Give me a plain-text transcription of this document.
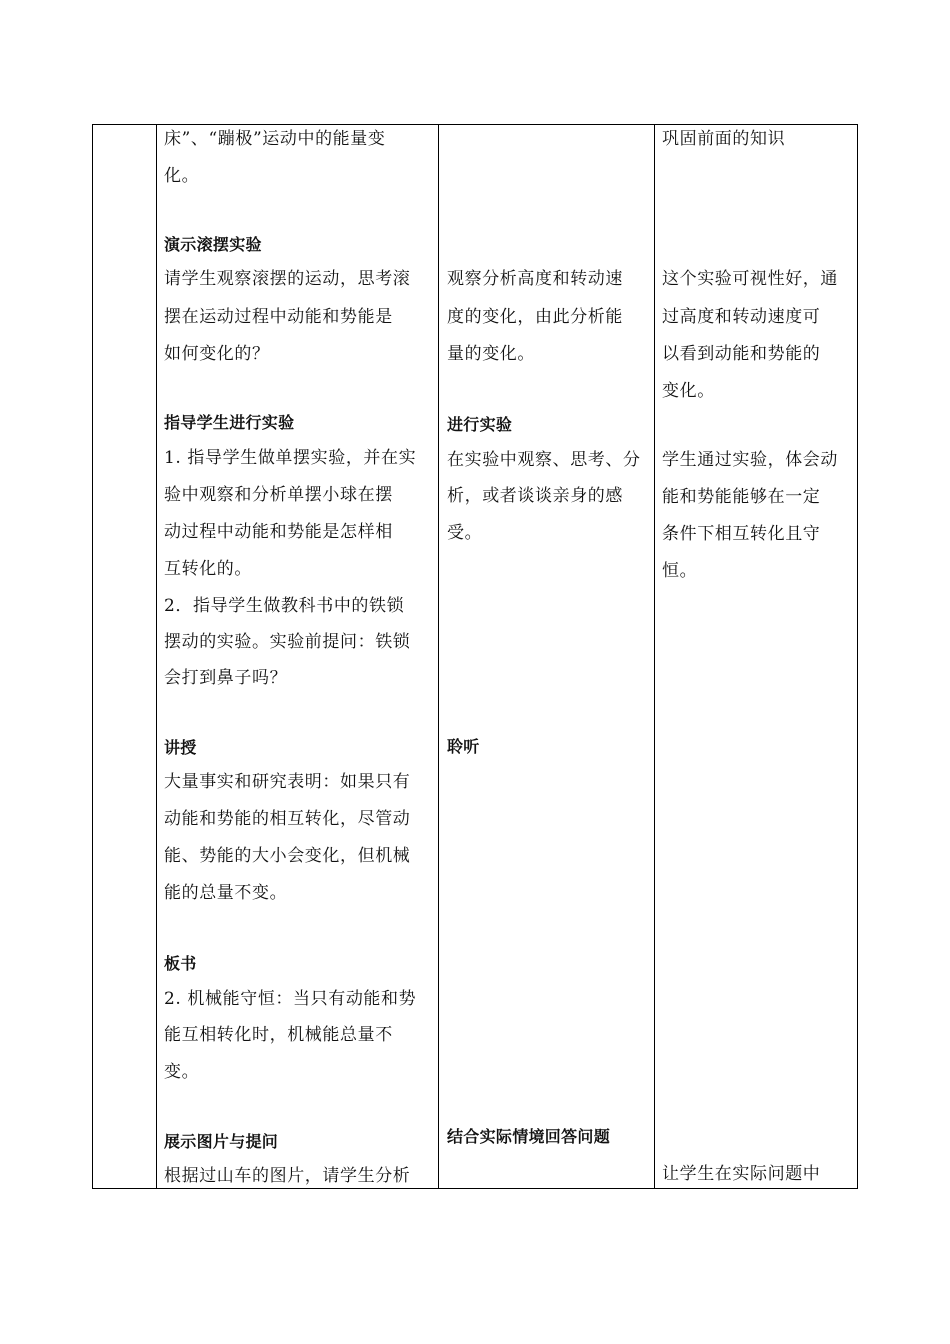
床”、“蹦极”运动中的能量变
化。
演示滚摆实验
请学生观察滚摆的运动，思考滚
摆在运动过程中动能和势能是
如何变化的？
指导学生进行实验
1. 指导学生做单摆实验，并在实
验中观察和分析单摆小球在摆
动过程中动能和势能是怎样相
互转化的。
2．指导学生做教科书中的铁锁
摆动的实验。实验前提问：铁锁
会打到鼻子吗？
讲授
大量事实和研究表明：如果只有
动能和势能的相互转化，尽管动
能、势能的大小会变化，但机械
能的总量不变。
板书
2. 机械能守恒：当只有动能和势
能互相转化时，机械能总量不
变。
展示图片与提问
根据过山车的图片，请学生分析
观察分析高度和转动速
度的变化，由此分析能
量的变化。
进行实验
在实验中观察、思考、分
析，或者谈谈亲身的感
受。
聆听
结合实际情境回答问题
巩固前面的知识
这个实验可视性好，通
过高度和转动速度可
以看到动能和势能的
变化。
学生通过实验，体会动
能和势能能够在一定
条件下相互转化且守
恒。
让学生在实际问题中
